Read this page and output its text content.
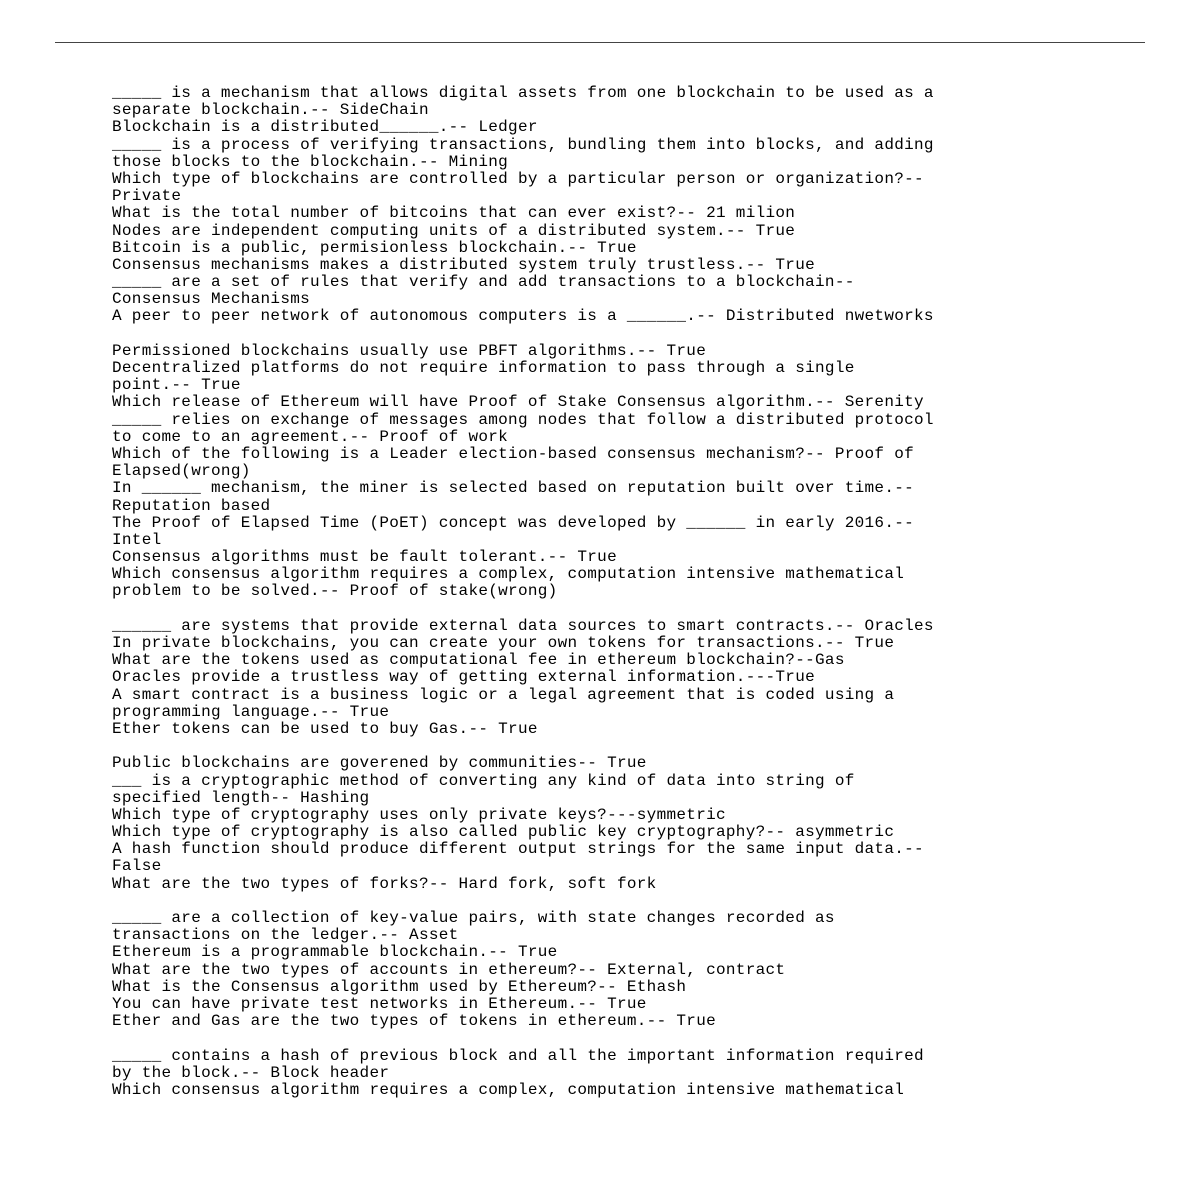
_____ is a mechanism that allows digital assets from one blockchain to be used as a
separate blockchain.-- SideChain
Blockchain is a distributed______.-- Ledger
_____ is a process of verifying transactions, bundling them into blocks, and adding
those blocks to the blockchain.-- Mining
Which type of blockchains are controlled by a particular person or organization?--
Private
What is the total number of bitcoins that can ever exist?-- 21 milion
Nodes are independent computing units of a distributed system.-- True
Bitcoin is a public, permisionless blockchain.-- True
Consensus mechanisms makes a distributed system truly trustless.-- True
_____ are a set of rules that verify and add transactions to a blockchain--
Consensus Mechanisms
A peer to peer network of autonomous computers is a ______.-- Distributed nwetworks
Permissioned blockchains usually use PBFT algorithms.-- True
Decentralized platforms do not require information to pass through a single
point.-- True
Which release of Ethereum will have Proof of Stake Consensus algorithm.-- Serenity
_____ relies on exchange of messages among nodes that follow a distributed protocol
to come to an agreement.-- Proof of work
Which of the following is a Leader election-based consensus mechanism?-- Proof of
Elapsed(wrong)
In ______ mechanism, the miner is selected based on reputation built over time.--
Reputation based
The Proof of Elapsed Time (PoET) concept was developed by ______ in early 2016.--
Intel
Consensus algorithms must be fault tolerant.-- True
Which consensus algorithm requires a complex, computation intensive mathematical
problem to be solved.-- Proof of stake(wrong)
______ are systems that provide external data sources to smart contracts.-- Oracles
In private blockchains, you can create your own tokens for transactions.-- True
What are the tokens used as computational fee in ethereum blockchain?--Gas
Oracles provide a trustless way of getting external information.---True
A smart contract is a business logic or a legal agreement that is coded using a
programming language.-- True
Ether tokens can be used to buy Gas.-- True
Public blockchains are goverened by communities-- True
___ is a cryptographic method of converting any kind of data into string of
specified length-- Hashing
Which type of cryptography uses only private keys?---symmetric
Which type of cryptography is also called public key cryptography?-- asymmetric
A hash function should produce different output strings for the same input data.--
False
What are the two types of forks?-- Hard fork, soft fork
_____ are a collection of key-value pairs, with state changes recorded as
transactions on the ledger.-- Asset
Ethereum is a programmable blockchain.-- True
What are the two types of accounts in ethereum?-- External, contract
What is the Consensus algorithm used by Ethereum?-- Ethash
You can have private test networks in Ethereum.-- True
Ether and Gas are the two types of tokens in ethereum.-- True
_____ contains a hash of previous block and all the important information required
by the block.-- Block header
Which consensus algorithm requires a complex, computation intensive mathematical
